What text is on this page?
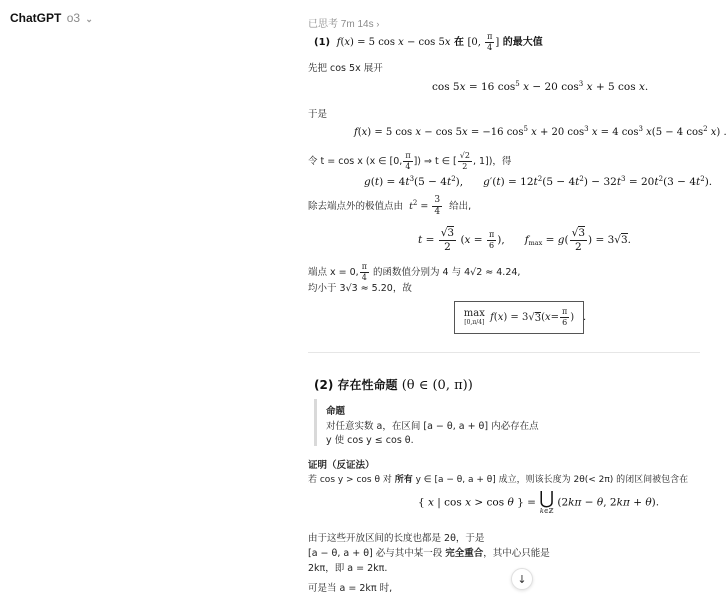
ChatGPT o3 ⌄	已思考 7m 14s ›
(1) f(x) = 5 cos x − cos 5x 在 [0, $\frac{\pi}{4}$ ] 的最大值
先把 cos 5x 展开
cos 5x = 16 $\cos^5 x - 20$ $\cos^3 x + 5$ cos x.
于是
f(x) = 5 cos x − cos 5x = −16 $\cos^5 x + 20$ $\cos^3 x = 4$ $\cos^3 x(5 - 4$ $\cos^2 x$) .
令 t = cos x (x ∈ [0, $\frac{\pi}{4}$ ]) ⇒ t ∈ [ $\frac{√2}{2}$ , 1])，得
$g(t) = 4t^3(5 - 4t^2)$,      $g'(t) = 12t^2(5 - 4t^2) - 32t^3 = 20t^2(3 - 4t^2)$.
除去端点外的极值点由 $t^2 = \frac{3}{4}$ 给出,
$t = \frac{√3}{2} (x = \frac{\pi}{6}$ ),      $f_{max} = g( \frac{√3}{2}$ ) = 3√3.
端点 x = 0, $\frac{\pi}{4}$ 的函数值分别为 4 与 4√2 ≈ 4.24,
均小于 3√3 ≈ 5.20，故
max
[0,π/4]
f ( x ) = 3√ 3 ( $x = \frac{\pi}{6}$ ) .
(2) 存在性命题 (θ ∈ (0, π))
命题
对任意实数 a，在区间 [a − θ, a + θ] 内必存在点
y 使 cos y ≤ cos θ.
证明（反证法）
若 cos y > cos θ 对 所有 y ∈ [a − θ, a + θ] 成立，则该长度为 2θ(< 2π) 的闭区间被包含在
{ x | cos x > cos θ } = ⋃
k∈ℤ
(2kπ − θ, 2kπ + θ).
由于这些开放区间的长度也都是 2θ，于是
[a − θ, a + θ] 必与其中某一段 完全重合，其中心只能是
2kπ，即 a = 2kπ.
可是当 a = 2kπ 时,
↓
